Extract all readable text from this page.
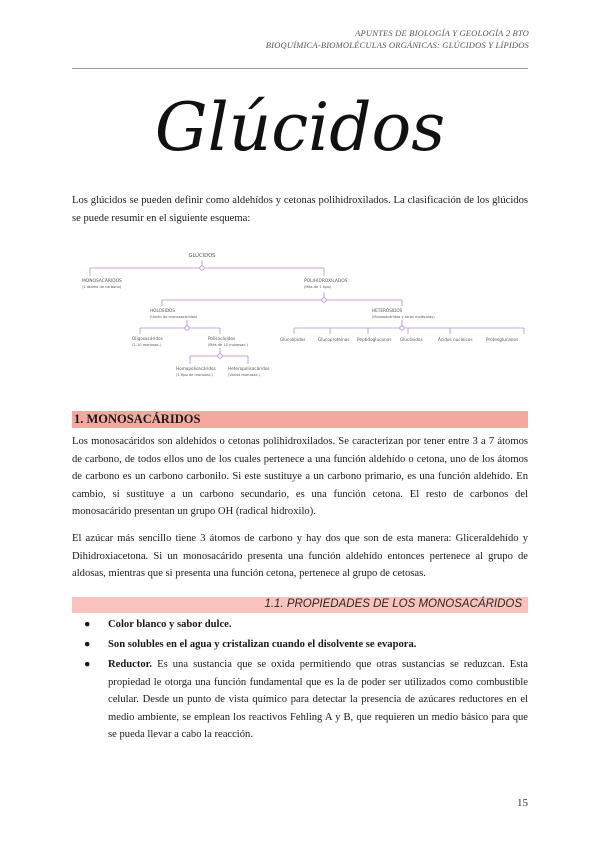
APUNTES DE BIOLOGÍA Y GEOLOGÍA 2 BTO
BIOQUÍMICA-BIOMOLÉCULAS ORGÁNICAS: GLÚCIDOS Y LÍPIDOS
Glúcidos

Los glúcidos se pueden definir como aldehídos y cetonas polihidroxilados. La clasificación de los glúcidos se puede resumir en el siguiente esquema:

GLÚCIDOS
MONOSACÁRIDOS
(1 átomo de carbono)
POLIHIDROXILADOS
(Más de 1 tipo)
HOLÓSIDOS
(Unión de monosacáridos)
HETERÓSIDOS
(Monosacáridos y otras moléculas)
Oligosacáridos
(2-10 monosac.)
Polisacáridos
(Más de 10 monosac.)
Homopolisacáridos
(1 tipo de monosac.)
Heteropolisacáridos
(Varios monosac.)
Glucolípidos	Glucoproteínas Peptidoglucanos Glucósidos	Ácidos nucleicos	Proteoglucanos
1. MONOSACÁRIDOS

Los monosacáridos son aldehídos o cetonas polihidroxilados. Se caracterizan por tener entre 3 a 7 átomos de carbono, de todos ellos uno de los cuales pertenece a una función aldehído o cetona, uno de los átomos de carbono es un carbono carbonilo. Si este sustituye a un carbono primario, es una función aldehído. En cambio, si sustituye a un carbono secundario, es una función cetona. El resto de carbonos del monosacárido presentan un grupo OH (radical hidroxilo).

El azúcar más sencillo tiene 3 átomos de carbono y hay dos que son de esta manera: Gliceraldehído y Dihidroxiacetona. Si un monosacárido presenta una función aldehído entonces pertenece al grupo de aldosas, mientras que si presenta una función cetona, pertenece al grupo de cetosas.

1.1. PROPIEDADES DE LOS MONOSACÁRIDOS
● Color blanco y sabor dulce.
● Son solubles en el agua y cristalizan cuando el disolvente se evapora.
● Reductor. Es una sustancia que se oxida permitiendo que otras sustancias se reduzcan. Esta propiedad le otorga una función fundamental que es la de poder ser utilizados como combustible celular. Desde un punto de vista químico para detectar la presencia de azúcares reductores en el medio ambiente, se emplean los reactivos Fehling A y B, que requieren un medio básico para que se pueda llevar a cabo la reacción.
15
